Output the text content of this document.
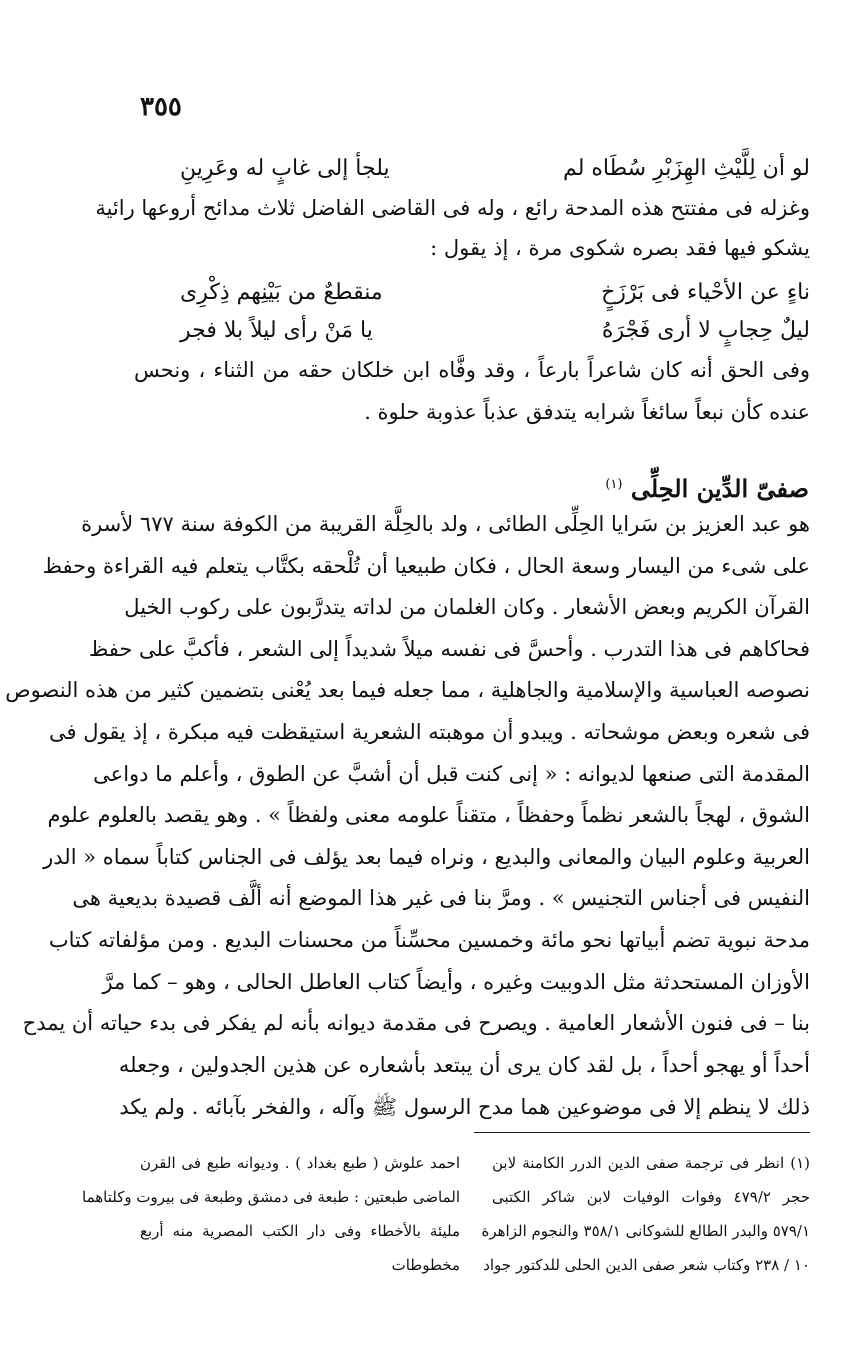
٣٥٥
لو أن لِلَّيْثِ الهِزَبْرِ سُطَاه لم
يلجأ إلى غابٍ له وعَرِينِ
وغزله فى مفتتح هذه المدحة رائع ، وله فى القاضى الفاضل ثلاث مدائح أروعها رائية
يشكو فيها فقد بصره شكوى مرة ، إذ يقول :
ناءٍ عن الأحْياء فى بَرْزَخٍ
منقطعٌ من بَيْنِهم ذِكْرِى
ليلٌ حِجابٍ لا أرى فَجْرَهُ
يا مَنْ رأى ليلاً بلا فجر
وفى الحق أنه كان شاعراً بارعاً ، وقد وفَّاه ابن خلكان حقه من الثناء ، ونحس
عنده كأن نبعاً سائغاً شرابه يتدفق عذباً عذوبة حلوة .
صفىّ الدِّين الحِلِّى $^{(١)}$
هو عبد العزيز بن سَرايا الحِلِّى الطائى ، ولد بالحِلَّة القريبة من الكوفة سنة ٦٧٧ لأسرة
على شىء من اليسار وسعة الحال ، فكان طبيعيا أن تُلْحقه بكتَّاب يتعلم فيه القراءة وحفظ
القرآن الكريم وبعض الأشعار . وكان الغلمان من لداته يتدرَّبون على ركوب الخيل
فحاكاهم فى هذا التدرب . وأحسَّ فى نفسه ميلاً شديداً إلى الشعر ، فأكبَّ على حفظ
نصوصه العباسية والإسلامية والجاهلية ، مما جعله فيما بعد يُعْنى بتضمين كثير من هذه النصوص
فى شعره وبعض موشحاته . ويبدو أن موهبته الشعرية استيقظت فيه مبكرة ، إذ يقول فى
المقدمة التى صنعها لديوانه : « إنى كنت قبل أن أشبَّ عن الطوق ، وأعلم ما دواعى
الشوق ، لهجاً بالشعر نظماً وحفظاً ، متقناً علومه معنى ولفظاً » . وهو يقصد بالعلوم علوم
العربية وعلوم البيان والمعانى والبديع ، ونراه فيما بعد يؤلف فى الجناس كتاباً سماه « الدر
النفيس فى أجناس التجنيس » . ومرَّ بنا فى غير هذا الموضع أنه ألَّف قصيدة بديعية هى
مدحة نبوية تضم أبياتها نحو مائة وخمسين محسِّناً من محسنات البديع . ومن مؤلفاته كتاب
الأوزان المستحدثة مثل الدوبيت وغيره ، وأيضاً كتاب العاطل الحالى ، وهو – كما مرَّ
بنا – فى فنون الأشعار العامية . ويصرح فى مقدمة ديوانه بأنه لم يفكر فى بدء حياته أن يمدح
أحداً أو يهجو أحداً ، بل لقد كان يرى أن يبتعد بأشعاره عن هذين الجدولين ، وجعله
ذلك لا ينظم إلا فى موضوعين هما مدح الرسول ﷺ وآله ، والفخر بآبائه . ولم يكد
(١) انظر فى ترجمة صفى الدين الدرر الكامنة لابن
حجر ٤٧٩/٢ وفوات الوفيات لابن شاكر الكتبى
٥٧٩/١ والبدر الطالع للشوكانى ٣٥٨/١ والنجوم الزاهرة
١٠ / ٢٣٨ وكتاب شعر صفى الدين الحلى للدكتور جواد
احمد علوش ( طبع بغداد ) . وديوانه طبع فى القرن
الماضى طبعتين : طبعة فى دمشق وطبعة فى بيروت وكلتاهما
مليئة بالأخطاء وفى دار الكتب المصرية منه أربع
مخطوطات
